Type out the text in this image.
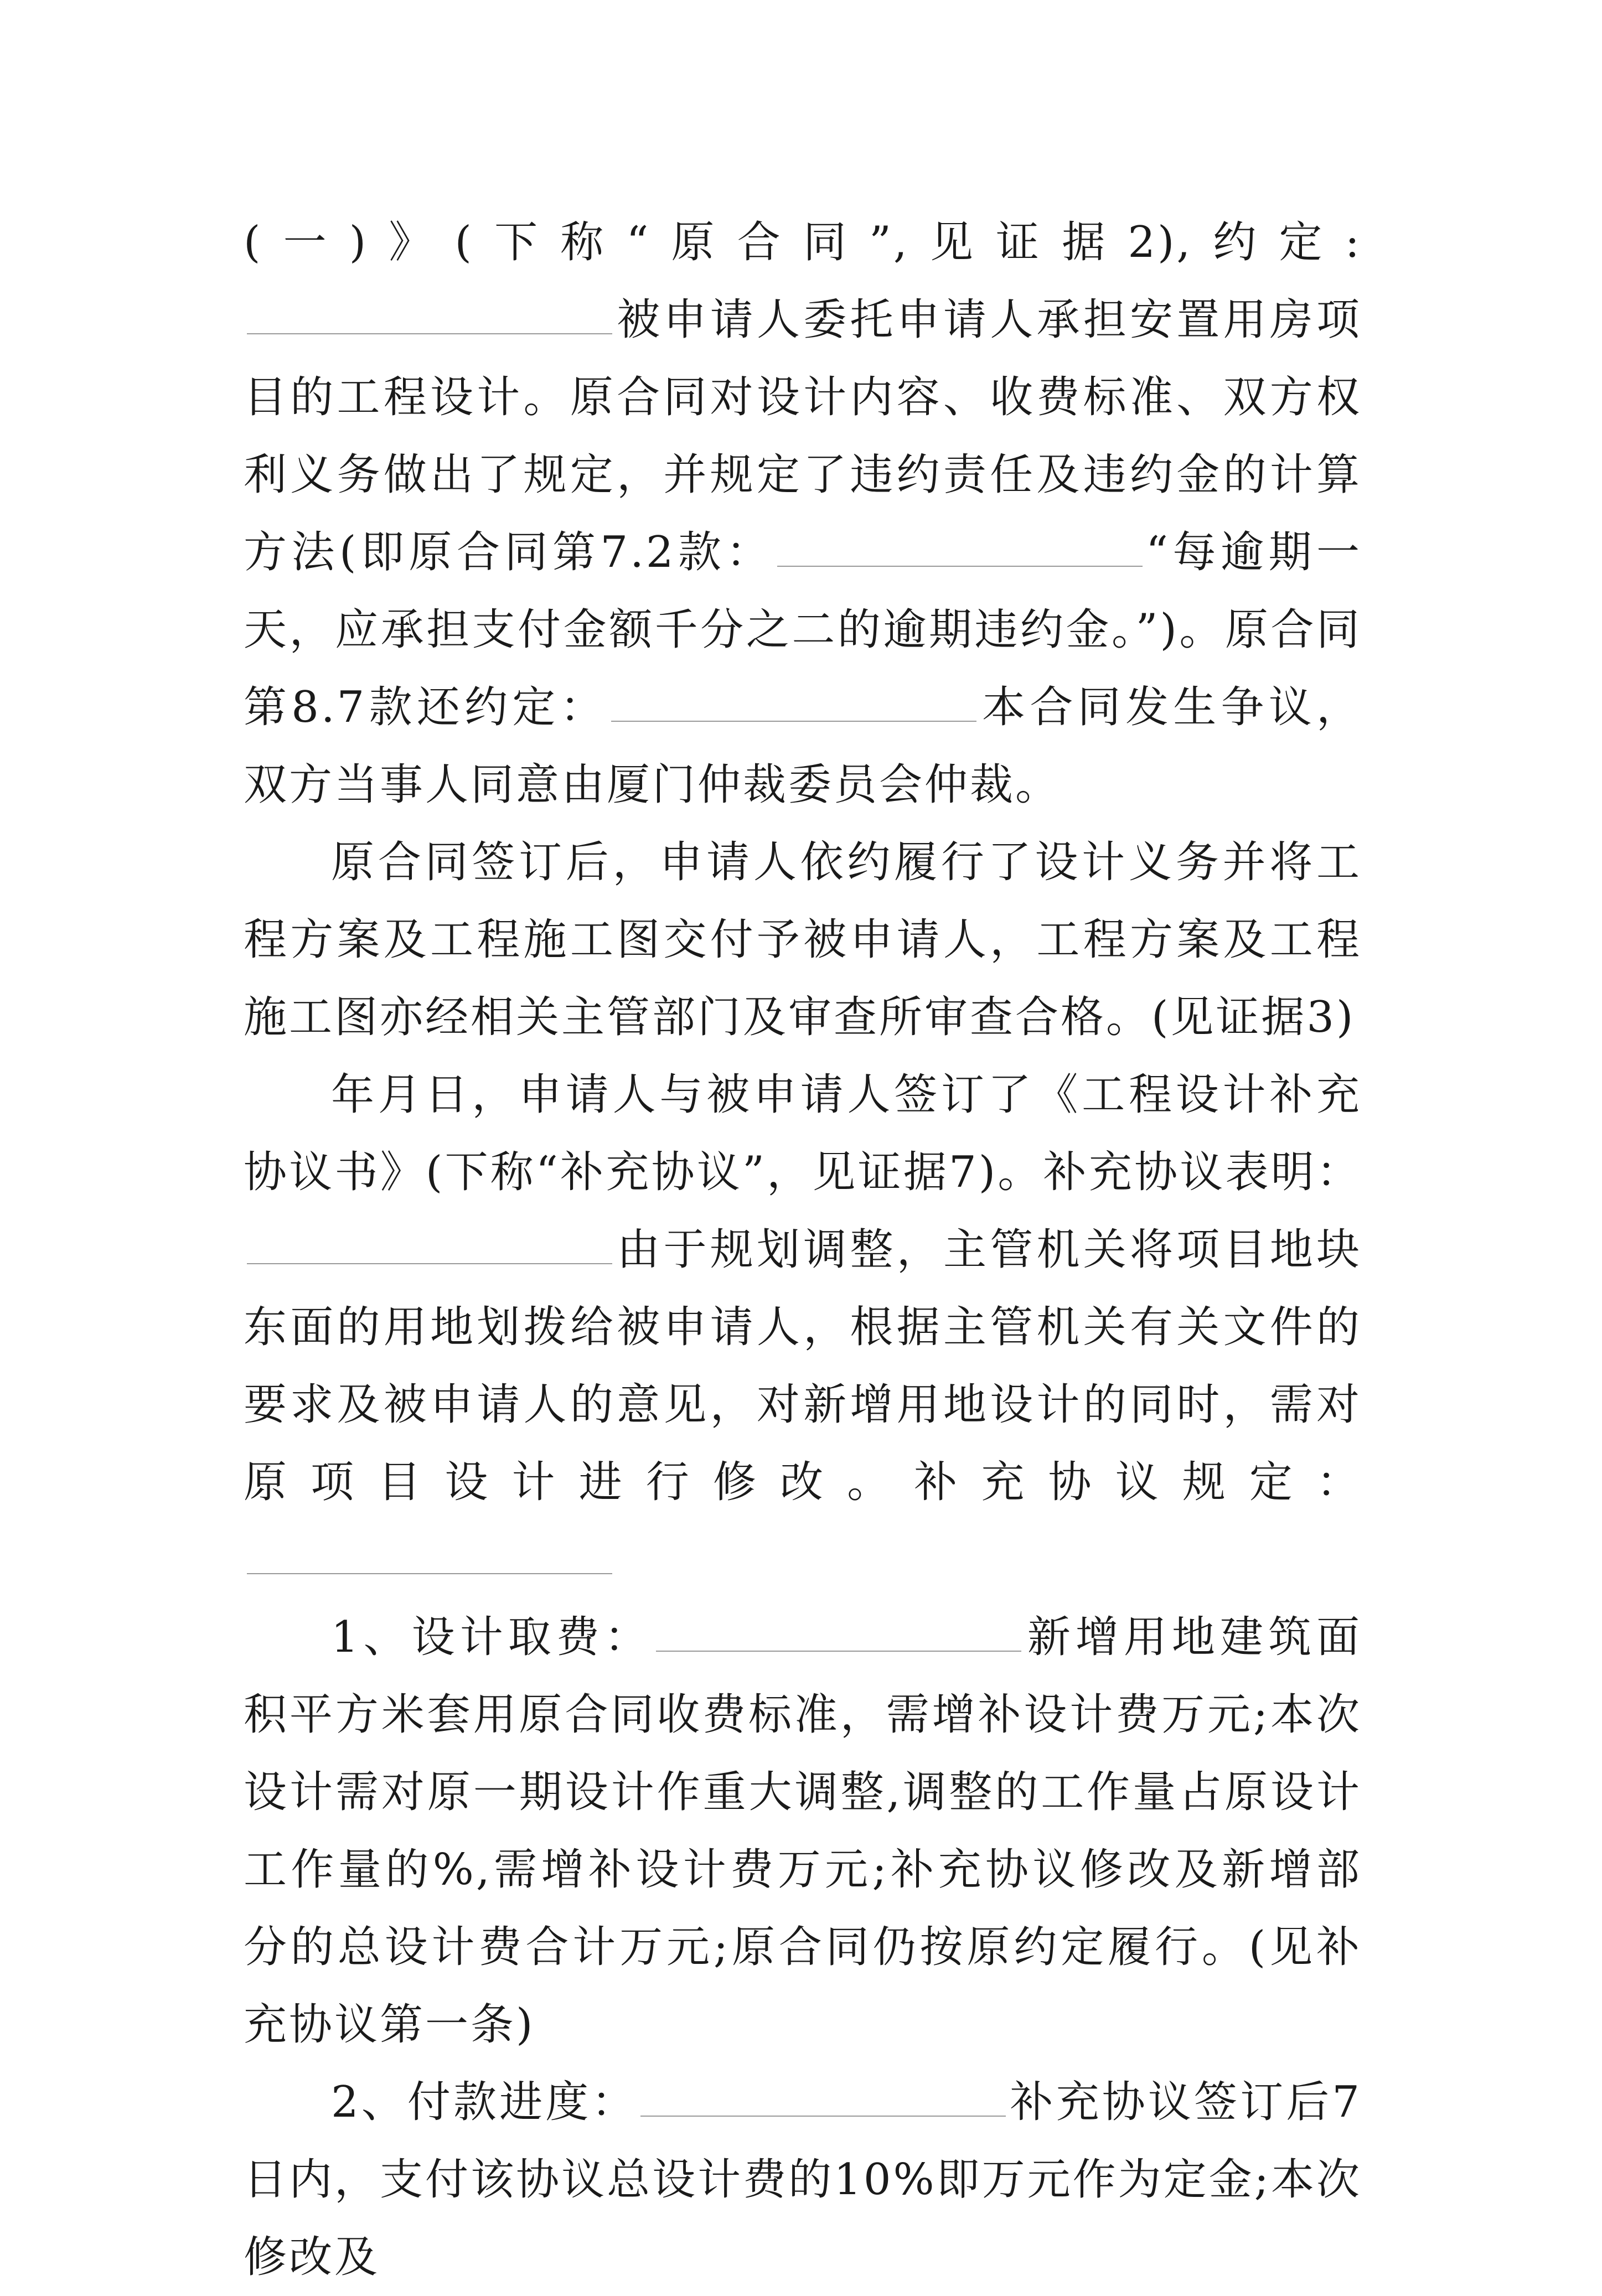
(一)》(下称“原合同”,见证据2),约定:被申请人委托申请人承担安置用房项目的工程设计。原合同对设计内容、收费标准、双方权利义务做出了规定，并规定了违约责任及违约金的计算方法(即原合同第7.2款：	“每逾期一天，应承担支付金额千分之二的逾期违约金。”)。原合同第8.7款还约定：	本合同发生争议，双方当事人同意由厦门仲裁委员会仲裁。

原合同签订后，申请人依约履行了设计义务并将工程方案及工程施工图交付予被申请人，工程方案及工程施工图亦经相关主管部门及审查所审查合格。(见证据3)

年月日，申请人与被申请人签订了《工程设计补充协议书》(下称“补充协议”，见证据7)。补充协议表明：由于规划调整，主管机关将项目地块东面的用地划拨给被申请人，根据主管机关有关文件的要求及被申请人的意见，对新增用地设计的同时，需对原项目设计进行修改。补充协议规定：

1、设计取费：	新增用地建筑面积平方米套用原合同收费标准，需增补设计费万元;本次设计需对原一期设计作重大调整,调整的工作量占原设计工作量的%,需增补设计费万元;补充协议修改及新增部分的总设计费合计万元;原合同仍按原约定履行。(见补充协议第一条)

2、付款进度：	补充协议签订后7日内，支付该协议总设计费的10%即万元作为定金;本次修改及
